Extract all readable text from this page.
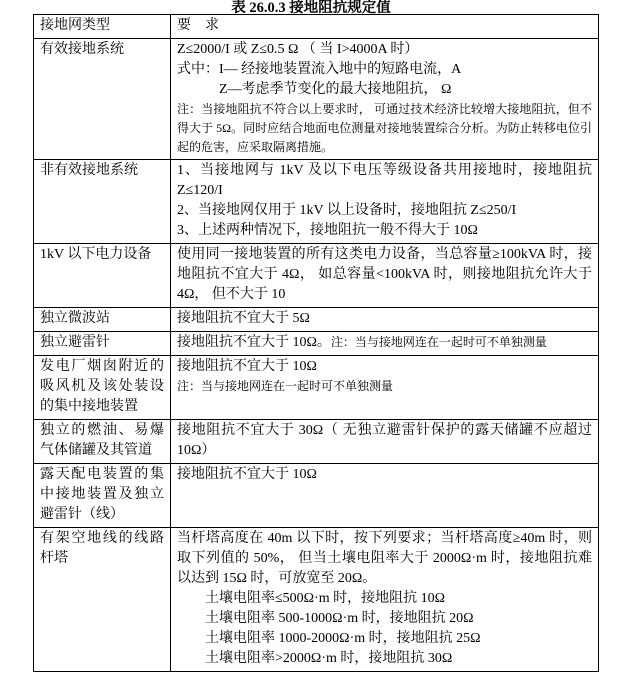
表 26.0.3 接地阻抗规定值
接地网类型	要　求
有效接地系统	Z≤2000/I 或 Z≤0.5 Ω （ 当 I>4000A 时）
式中：I— 经接地装置流入地中的短路电流，A
Z—考虑季节变化的最大接地阻抗， Ω
注：当接地阻抗不符合以上要求时， 可通过技术经济比较增大接地阻抗，但不得大于 5Ω。同时应结合地面电位测量对接地装置综合分析。为防止转移电位引起的危害，应采取隔离措施。

非有效接地系统	1、当接地网与 1kV 及以下电压等级设备共用接地时，接地阻抗 Z≤120/I
2、当接地网仅用于 1kV 以上设备时，接地阻抗 Z≤250/I
3、上述两种情况下，接地阻抗一般不得大于 10Ω

1kV 以下电力设备	使用同一接地装置的所有这类电力设备，当总容量≥100kVA 时，接地阻抗不宜大于 4Ω， 如总容量<100kVA 时，则接地阻抗允许大于 4Ω， 但不大于 10

独立微波站	接地阻抗不宜大于 5Ω

独立避雷针	接地阻抗不宜大于 10Ω。注：当与接地网连在一起时可不单独测量

发电厂烟囱附近的吸风机及该处装设的集中接地装置	接地阻抗不宜大于 10Ω
注：当与接地网连在一起时可不单独测量

独立的燃油、易爆气体储罐及其管道	接地阻抗不宜大于 30Ω（ 无独立避雷针保护的露天储罐不应超过 10Ω）

露天配电装置的集中接地装置及独立避雷针（线）	接地阻抗不宜大于 10Ω

有架空地线的线路杆塔	当杆塔高度在 40m 以下时，按下列要求；当杆塔高度≥40m 时，则取下列值的 50%， 但当土壤电阻率大于 2000Ω·m 时，接地阻抗难以达到 15Ω 时，可放宽至 20Ω。
土壤电阻率≤500Ω·m 时，接地阻抗 10Ω
土壤电阻率 500-1000Ω·m 时，接地阻抗 20Ω
土壤电阻率 1000-2000Ω·m 时，接地阻抗 25Ω
土壤电阻率>2000Ω·m 时，接地阻抗 30Ω
